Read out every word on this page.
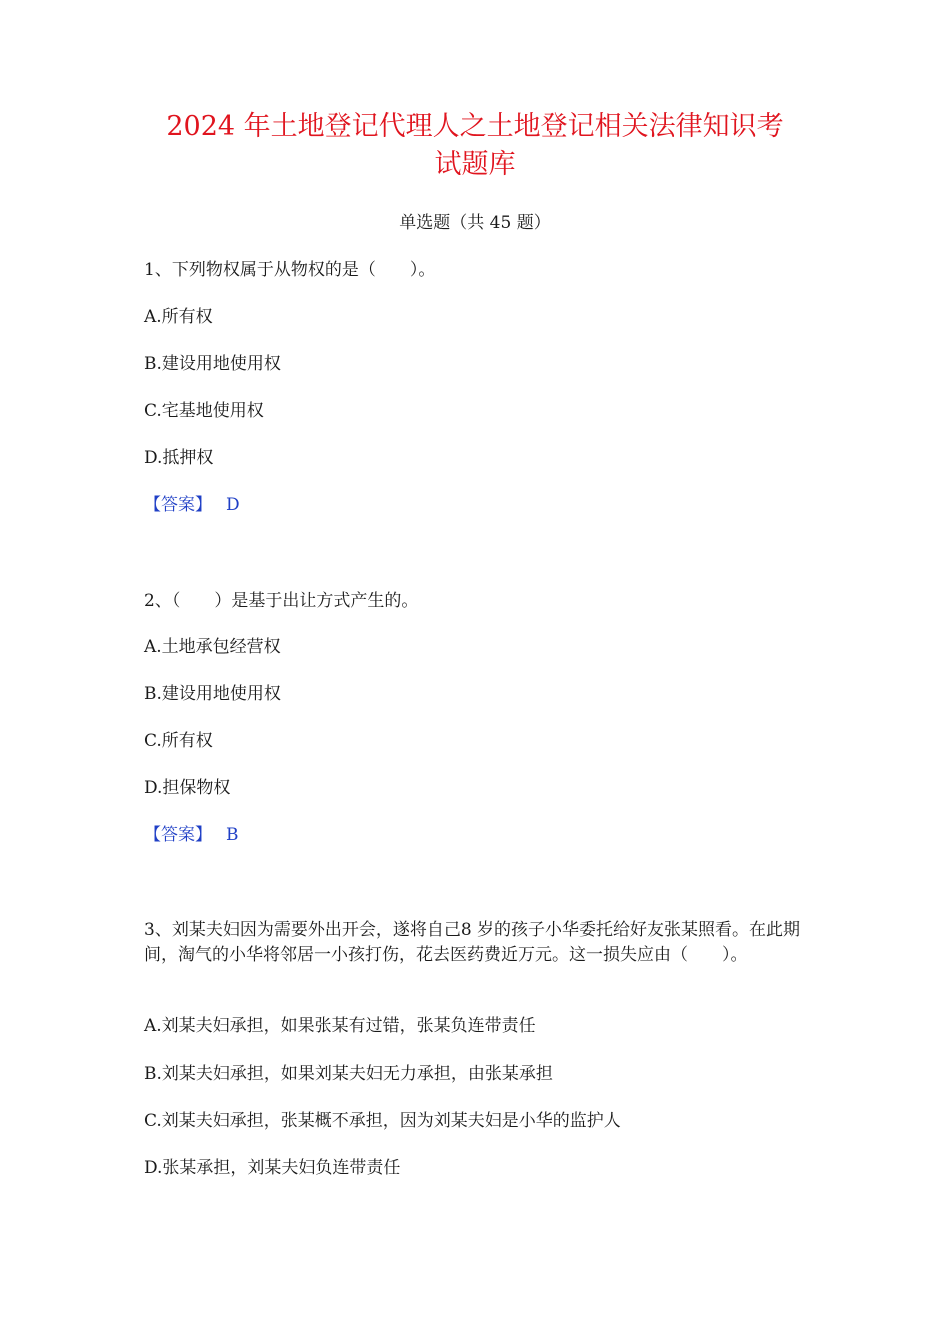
2024 年土地登记代理人之土地登记相关法律知识考
试题库
单选题（共 45 题）
1、下列物权属于从物权的是（　　）。
A.所有权
B.建设用地使用权
C.宅基地使用权
D.抵押权
【答案】 D
2、（　　）是基于出让方式产生的。
A.土地承包经营权
B.建设用地使用权
C.所有权
D.担保物权
【答案】 B
3、刘某夫妇因为需要外出开会，遂将自己8 岁的孩子小华委托给好友张某照看。在此期间，淘气的小华将邻居一小孩打伤，花去医药费近万元。这一损失应由（　　）。
A.刘某夫妇承担，如果张某有过错，张某负连带责任
B.刘某夫妇承担，如果刘某夫妇无力承担，由张某承担
C.刘某夫妇承担，张某概不承担，因为刘某夫妇是小华的监护人
D.张某承担，刘某夫妇负连带责任
